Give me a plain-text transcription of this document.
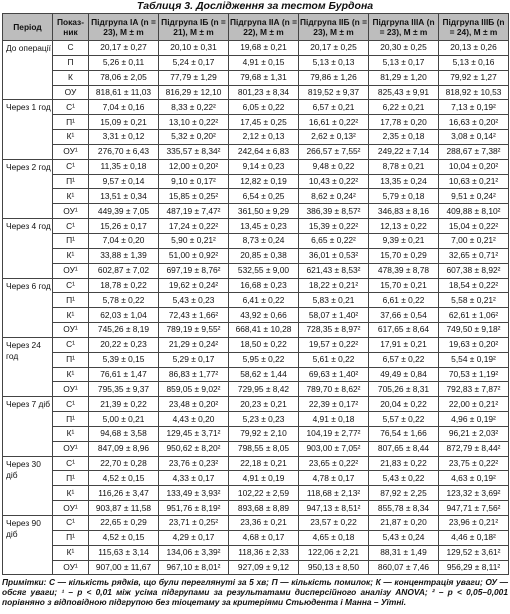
Таблиця 3. Дослідження за тестом Бурдона
Період	Показ-ник	Підгрупа IА (n = 23), M ± m	Підгрупа IБ (n = 21), M ± m	Підгрупа IIА (n = 22), M ± m	Підгрупа IIБ (n = 23), M ± m	Підгрупа IIIА (n = 23), M ± m	Підгрупа IIIБ (n = 24), M ± m
До операції	С	20,17 ± 0,27	20,10 ± 0,31	19,68 ± 0,21	20,17 ± 0,25	20,30 ± 0,25	20,13 ± 0,26
	П	5,26 ± 0,11	5,24 ± 0,17	4,91 ± 0,15	5,13 ± 0,13	5,13 ± 0,17	5,13 ± 0,16
	К	78,06 ± 2,05	77,79 ± 1,29	79,68 ± 1,31	79,86 ± 1,26	81,29 ± 1,20	79,92 ± 1,27
	ОУ	818,61 ± 11,03	816,29 ± 12,10	801,23 ± 8,34	819,52 ± 9,37	825,43 ± 9,91	818,92 ± 10,53
Через 1 год	С¹	7,04 ± 0,16	8,33 ± 0,22²	6,05 ± 0,22	6,57 ± 0,21	6,22 ± 0,21	7,13 ± 0,19²
	П¹	15,09 ± 0,21	13,10 ± 0,22²	17,45 ± 0,25	16,61 ± 0,22²	17,78 ± 0,20	16,63 ± 0,20²
	К¹	3,31 ± 0,12	5,32 ± 0,20²	2,12 ± 0,13	2,62 ± 0,13²	2,35 ± 0,18	3,08 ± 0,14²
	ОУ¹	276,70 ± 6,43	335,57 ± 8,34²	242,64 ± 6,83	266,57 ± 7,55²	249,22 ± 7,14	288,67 ± 7,38²
Через 2 год	С¹	11,35 ± 0,18	12,00 ± 0,20²	9,14 ± 0,23	9,48 ± 0,22	8,78 ± 0,21	10,04 ± 0,20²
	П¹	9,57 ± 0,14	9,10 ± 0,17²	12,82 ± 0,19	10,43 ± 0,22²	13,35 ± 0,24	10,63 ± 0,21²
	К¹	13,51 ± 0,34	15,85 ± 0,25²	6,54 ± 0,25	8,62 ± 0,24²	5,79 ± 0,18	9,51 ± 0,24²
	ОУ¹	449,39 ± 7,05	487,19 ± 7,47²	361,50 ± 9,29	386,39 ± 8,57²	346,83 ± 8,16	409,88 ± 8,10²
Через 4 год	С¹	15,26 ± 0,17	17,24 ± 0,22²	13,45 ± 0,23	15,39 ± 0,22²	12,13 ± 0,22	15,04 ± 0,22²
	П¹	7,04 ± 0,20	5,90 ± 0,21²	8,73 ± 0,24	6,65 ± 0,22²	9,39 ± 0,21	7,00 ± 0,21²
	К¹	33,88 ± 1,39	51,00 ± 0,92²	20,85 ± 0,38	36,01 ± 0,53²	15,70 ± 0,29	32,65 ± 0,71²
	ОУ¹	602,87 ± 7,02	697,19 ± 8,76²	532,55 ± 9,00	621,43 ± 8,53²	478,39 ± 8,78	607,38 ± 8,92²
Через 6 год	С¹	18,78 ± 0,22	19,62 ± 0,24²	16,68 ± 0,23	18,22 ± 0,21²	15,70 ± 0,21	18,54 ± 0,22²
	П¹	5,78 ± 0,22	5,43 ± 0,23	6,41 ± 0,22	5,83 ± 0,21	6,61 ± 0,22	5,58 ± 0,21²
	К¹	62,03 ± 1,04	72,43 ± 1,66²	43,92 ± 0,66	58,07 ± 1,40²	37,66 ± 0,54	62,61 ± 1,06²
	ОУ¹	745,26 ± 8,19	789,19 ± 9,55²	668,41 ± 10,28	728,35 ± 8,97²	617,65 ± 8,64	749,50 ± 9,18²
Через 24 год	С¹	20,22 ± 0,23	21,29 ± 0,24²	18,50 ± 0,22	19,57 ± 0,22²	17,91 ± 0,21	19,63 ± 0,20²
	П¹	5,39 ± 0,15	5,29 ± 0,17	5,95 ± 0,22	5,61 ± 0,22	6,57 ± 0,22	5,54 ± 0,19²
	К¹	76,61 ± 1,47	86,83 ± 1,77²	58,62 ± 1,44	69,63 ± 1,40²	49,49 ± 0,84	70,53 ± 1,19²
	ОУ¹	795,35 ± 9,37	859,05 ± 9,02²	729,95 ± 8,42	789,70 ± 8,62²	705,26 ± 8,31	792,83 ± 7,87²
Через 7 діб	С¹	21,39 ± 0,22	23,48 ± 0,20²	20,23 ± 0,21	22,39 ± 0,17²	20,04 ± 0,22	22,00 ± 0,21²
	П¹	5,00 ± 0,21	4,43 ± 0,20	5,23 ± 0,23	4,91 ± 0,18	5,57 ± 0,22	4,96 ± 0,19²
	К¹	94,68 ± 3,58	129,45 ± 3,71²	79,92 ± 2,10	104,19 ± 2,77²	76,54 ± 1,66	96,21 ± 2,03²
	ОУ¹	847,09 ± 8,96	950,62 ± 8,20²	798,55 ± 8,05	903,00 ± 7,05²	807,65 ± 8,44	872,79 ± 8,44²
Через 30 діб	С¹	22,70 ± 0,28	23,76 ± 0,23²	22,18 ± 0,21	23,65 ± 0,22²	21,83 ± 0,22	23,75 ± 0,22²
	П¹	4,52 ± 0,15	4,33 ± 0,17	4,91 ± 0,19	4,78 ± 0,17	5,43 ± 0,22	4,63 ± 0,19²
	К¹	116,26 ± 3,47	133,49 ± 3,93²	102,22 ± 2,59	118,68 ± 2,13²	87,92 ± 2,25	123,32 ± 3,69²
	ОУ¹	903,87 ± 11,58	951,76 ± 8,19²	893,68 ± 8,89	947,13 ± 8,51²	855,78 ± 8,34	947,71 ± 7,56²
Через 90 діб	С¹	22,65 ± 0,29	23,71 ± 0,25²	23,36 ± 0,21	23,57 ± 0,22	21,87 ± 0,20	23,96 ± 0,21²
	П¹	4,52 ± 0,15	4,29 ± 0,17	4,68 ± 0,17	4,65 ± 0,18	5,43 ± 0,24	4,46 ± 0,18²
	К¹	115,63 ± 3,14	134,06 ± 3,39²	118,36 ± 2,33	122,06 ± 2,21	88,31 ± 1,49	129,52 ± 3,61²
	ОУ¹	907,00 ± 11,67	967,10 ± 8,01²	927,09 ± 9,12	950,13 ± 8,50	860,07 ± 7,46	956,29 ± 8,11²
Примітки: С — кількість рядків, що були переглянуті за 5 хв; П — кількість помилок; К — концентрація уваги; ОУ — обсяг уваги; ¹ – p < 0,01 між усіма підгрупами за результатами дисперсійного аналізу ANOVA; ² – p < 0,05–0,001 порівняно з відповідною підгрупою без тіоцетаму за критеріями Стьюдента і Манна – Уїтні.
